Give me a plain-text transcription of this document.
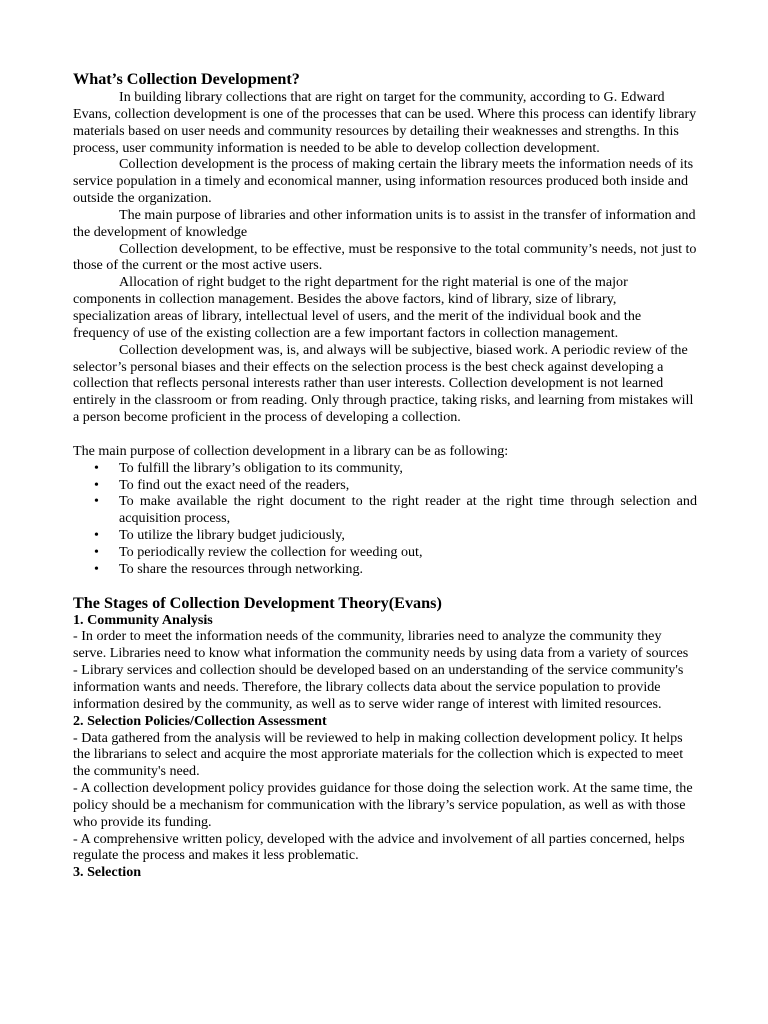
What’s Collection Development?

In building library collections that are right on target for the community, according to G. Edward Evans, collection development is one of the processes that can be used. Where this process can identify library materials based on user needs and community resources by detailing their weaknesses and strengths. In this process, user community information is needed to be able to develop collection development.

Collection development is the process of making certain the library meets the information needs of its service population in a timely and economical manner, using information resources produced both inside and outside the organization.

The main purpose of libraries and other information units is to assist in the transfer of information and the development of knowledge

Collection development, to be effective, must be responsive to the total community’s needs, not just to those of the current or the most active users.

Allocation of right budget to the right department for the right material is one of the major components in collection management. Besides the above factors, kind of library, size of library, specialization areas of library, intellectual level of users, and the merit of the individual book and the frequency of use of the existing collection are a few important factors in collection management.

Collection development was, is, and always will be subjective, biased work. A periodic review of the selector’s personal biases and their effects on the selection process is the best check against developing a collection that reflects personal interests rather than user interests. Collection development is not learned entirely in the classroom or from reading. Only through practice, taking risks, and learning from mistakes will a person become proficient in the process of developing a collection.

The main purpose of collection development in a library can be as following:

• To fulfill the library’s obligation to its community,
• To find out the exact need of the readers,
• To make available the right document to the right reader at the right time through selection and acquisition process,
• To utilize the library budget judiciously,
• To periodically review the collection for weeding out,
• To share the resources through networking.
The Stages of Collection Development Theory(Evans)
1. Community Analysis

- In order to meet the information needs of the community, libraries need to analyze the community they serve. Libraries need to know what information the community needs by using data from a variety of sources

- Library services and collection should be developed based on an understanding of the service community's information wants and needs. Therefore, the library collects data about the service population to provide information desired by the community, as well as to serve wider range of interest with limited resources.

2. Selection Policies/Collection Assessment

- Data gathered from the analysis will be reviewed to help in making collection development policy. It helps the librarians to select and acquire the most approriate materials for the collection which is expected to meet the community's need.

- A collection development policy provides guidance for those doing the selection work. At the same time, the policy should be a mechanism for communication with the library’s service population, as well as with those who provide its funding.

- A comprehensive written policy, developed with the advice and involvement of all parties concerned, helps regulate the process and makes it less problematic.

3. Selection
